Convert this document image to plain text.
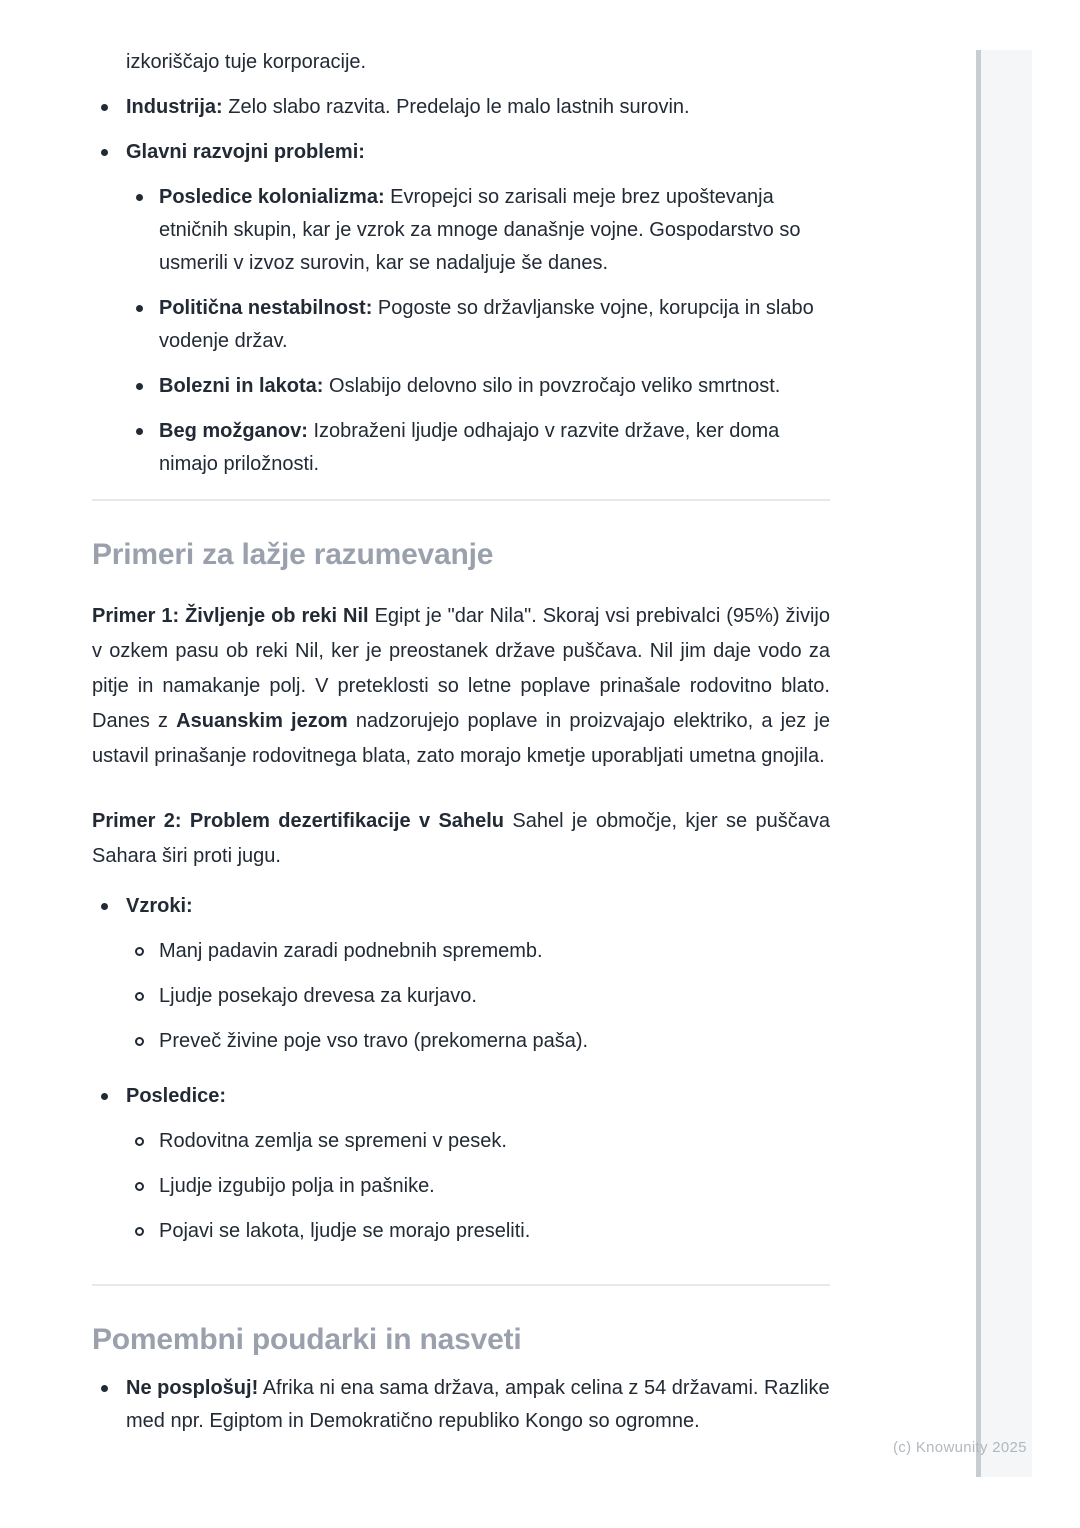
izkoriščajo tuje korporacije.

Industrija: Zelo slabo razvita. Predelajo le malo lastnih surovin.
Glavni razvojni problemi:
Posledice kolonializma: Evropejci so zarisali meje brez upoštevanja etničnih skupin, kar je vzrok za mnoge današnje vojne. Gospodarstvo so usmerili v izvoz surovin, kar se nadaljuje še danes.
Politična nestabilnost: Pogoste so državljanske vojne, korupcija in slabo vodenje držav.
Bolezni in lakota: Oslabijo delovno silo in povzročajo veliko smrtnost.
Beg možganov: Izobraženi ljudje odhajajo v razvite države, ker doma nimajo priložnosti.
Primeri za lažje razumevanje

Primer 1: Življenje ob reki Nil Egipt je "dar Nila". Skoraj vsi prebivalci (95%) živijo v ozkem pasu ob reki Nil, ker je preostanek države puščava. Nil jim daje vodo za pitje in namakanje polj. V preteklosti so letne poplave prinašale rodovitno blato. Danes z Asuanskim jezom nadzorujejo poplave in proizvajajo elektriko, a jez je ustavil prinašanje rodovitnega blata, zato morajo kmetje uporabljati umetna gnojila.

Primer 2: Problem dezertifikacije v Sahelu Sahel je območje, kjer se puščava Sahara širi proti jugu.

Vzroki:
Manj padavin zaradi podnebnih sprememb.
Ljudje posekajo drevesa za kurjavo.
Preveč živine poje vso travo (prekomerna paša).
Posledice:
Rodovitna zemlja se spremeni v pesek.
Ljudje izgubijo polja in pašnike.
Pojavi se lakota, ljudje se morajo preseliti.
Pomembni poudarki in nasveti
Ne posplošuj! Afrika ni ena sama država, ampak celina z 54 državami. Razlike med npr. Egiptom in Demokratično republiko Kongo so ogromne.
(c) Knowunity 2025
